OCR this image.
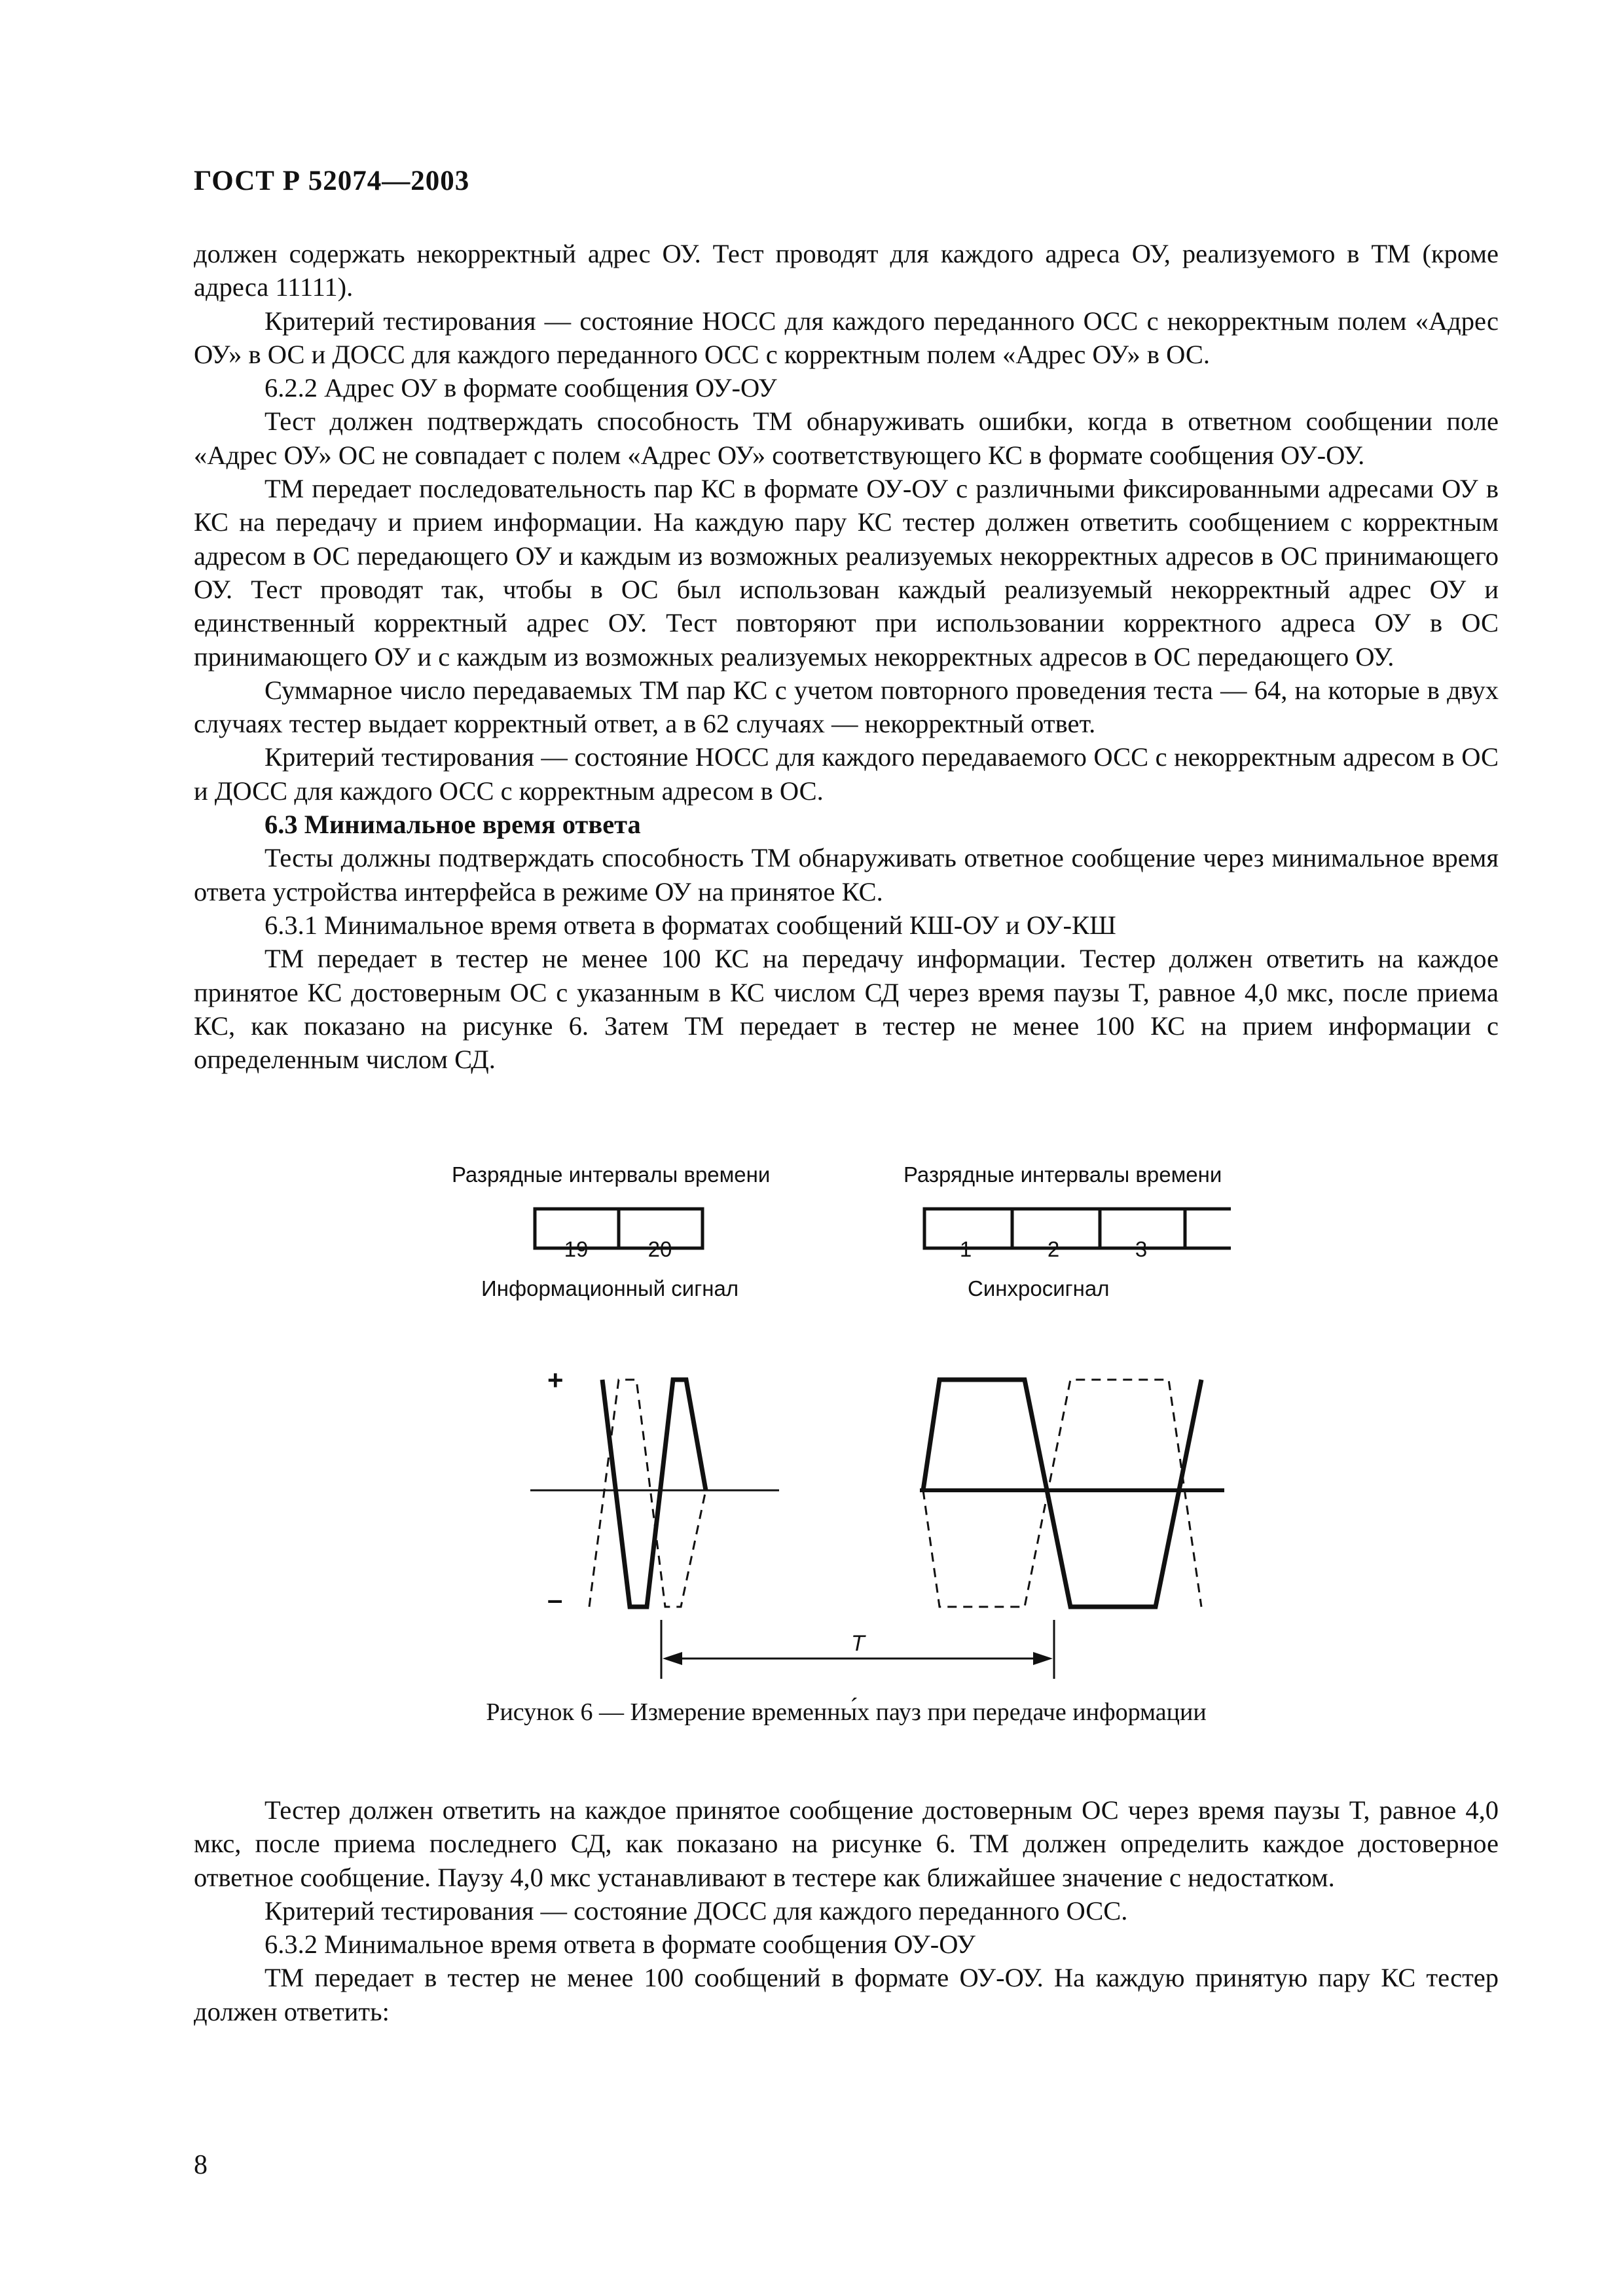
ГОСТ Р 52074—2003

должен содержать некорректный адрес ОУ. Тест проводят для каждого адреса ОУ, реализуемого в ТМ (кроме адреса 11111).

Критерий тестирования — состояние НОСС для каждого переданного ОСС с некорректным полем «Адрес ОУ» в ОС и ДОСС для каждого переданного ОСС с корректным полем «Адрес ОУ» в ОС.

6.2.2 Адрес ОУ в формате сообщения ОУ-ОУ

Тест должен подтверждать способность ТМ обнаруживать ошибки, когда в ответном сообщении поле «Адрес ОУ» ОС не совпадает с полем «Адрес ОУ» соответствующего КС в формате сообщения ОУ-ОУ.

ТМ передает последовательность пар КС в формате ОУ-ОУ с различными фиксированными адресами ОУ в КС на передачу и прием информации. На каждую пару КС тестер должен ответить сообщением с корректным адресом в ОС передающего ОУ и каждым из возможных реализуемых некорректных адресов в ОС принимающего ОУ. Тест проводят так, чтобы в ОС был использован каждый реализуемый некорректный адрес ОУ и единственный корректный адрес ОУ. Тест повторяют при использовании корректного адреса ОУ в ОС принимающего ОУ и с каждым из возможных реализуемых некорректных адресов в ОС передающего ОУ.

Суммарное число передаваемых ТМ пар КС с учетом повторного проведения теста — 64, на которые в двух случаях тестер выдает корректный ответ, а в 62 случаях — некорректный ответ.

Критерий тестирования — состояние НОСС для каждого передаваемого ОСС с некорректным адресом в ОС и ДОСС для каждого ОСС с корректным адресом в ОС.

6.3 Минимальное время ответа

Тесты должны подтверждать способность ТМ обнаруживать ответное сообщение через минимальное время ответа устройства интерфейса в режиме ОУ на принятое КС.

6.3.1 Минимальное время ответа в форматах сообщений КШ-ОУ и ОУ-КШ

ТМ передает в тестер не менее 100 КС на передачу информации. Тестер должен ответить на каждое принятое КС достоверным ОС с указанным в КС числом СД через время паузы T, равное 4,0 мкс, после приема КС, как показано на рисунке 6. Затем ТМ передает в тестер не менее 100 КС на прием информации с определенным числом СД.

Разрядные интервалы времени	Разрядные интервалы времени
19	20	1	2	3
Информационный сигнал	Синхросигнал
+
–
T
Рисунок 6 — Измерение временны́х пауз при передаче информации

Тестер должен ответить на каждое принятое сообщение достоверным ОС через время паузы T, равное 4,0 мкс, после приема последнего СД, как показано на рисунке 6. ТМ должен определить каждое достоверное ответное сообщение. Паузу 4,0 мкс устанавливают в тестере как ближайшее значение с недостатком.

Критерий тестирования — состояние ДОСС для каждого переданного ОСС.

6.3.2 Минимальное время ответа в формате сообщения ОУ-ОУ

ТМ передает в тестер не менее 100 сообщений в формате ОУ-ОУ. На каждую принятую пару КС тестер должен ответить:

8
